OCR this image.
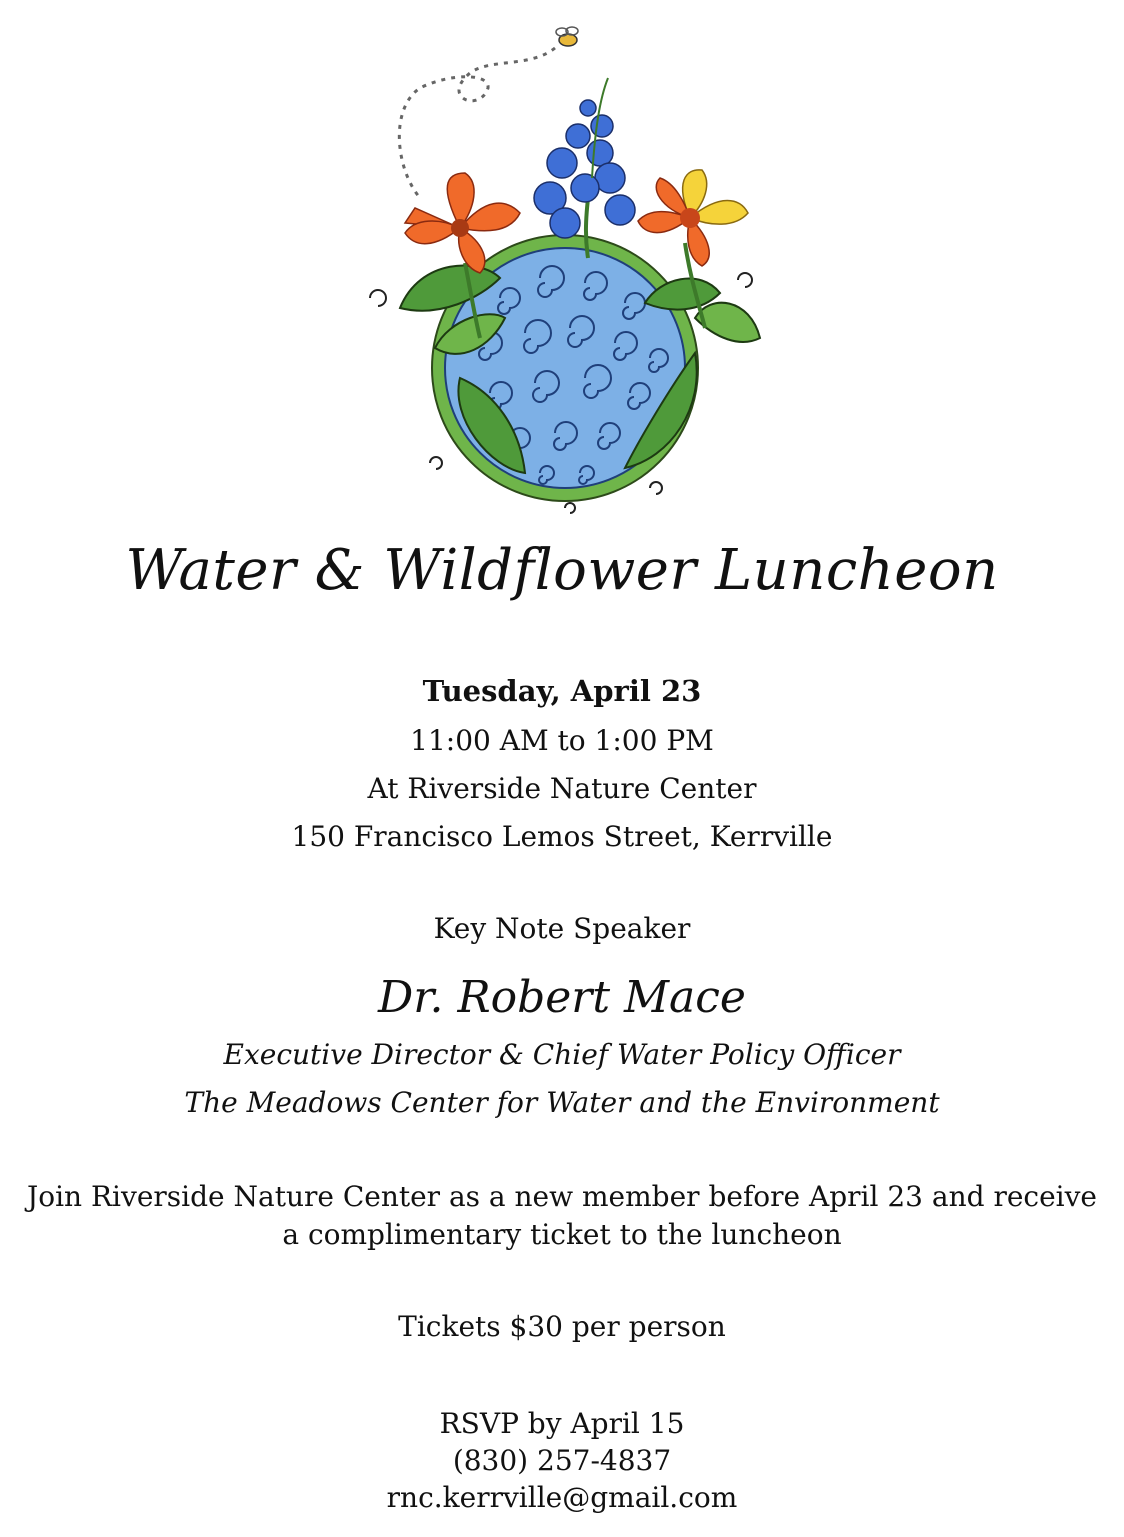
Water & Wildflower Luncheon
Tuesday, April 23
11:00 AM to 1:00 PM
At Riverside Nature Center
150 Francisco Lemos Street, Kerrville
Key Note Speaker
Dr. Robert Mace
Executive Director & Chief Water Policy Officer
The Meadows Center for Water and the Environment
Join Riverside Nature Center as a new member before April 23 and receive
a complimentary ticket to the luncheon
Tickets $30 per person
RSVP by April 15
(830) 257-4837
rnc.kerrville@gmail.com
